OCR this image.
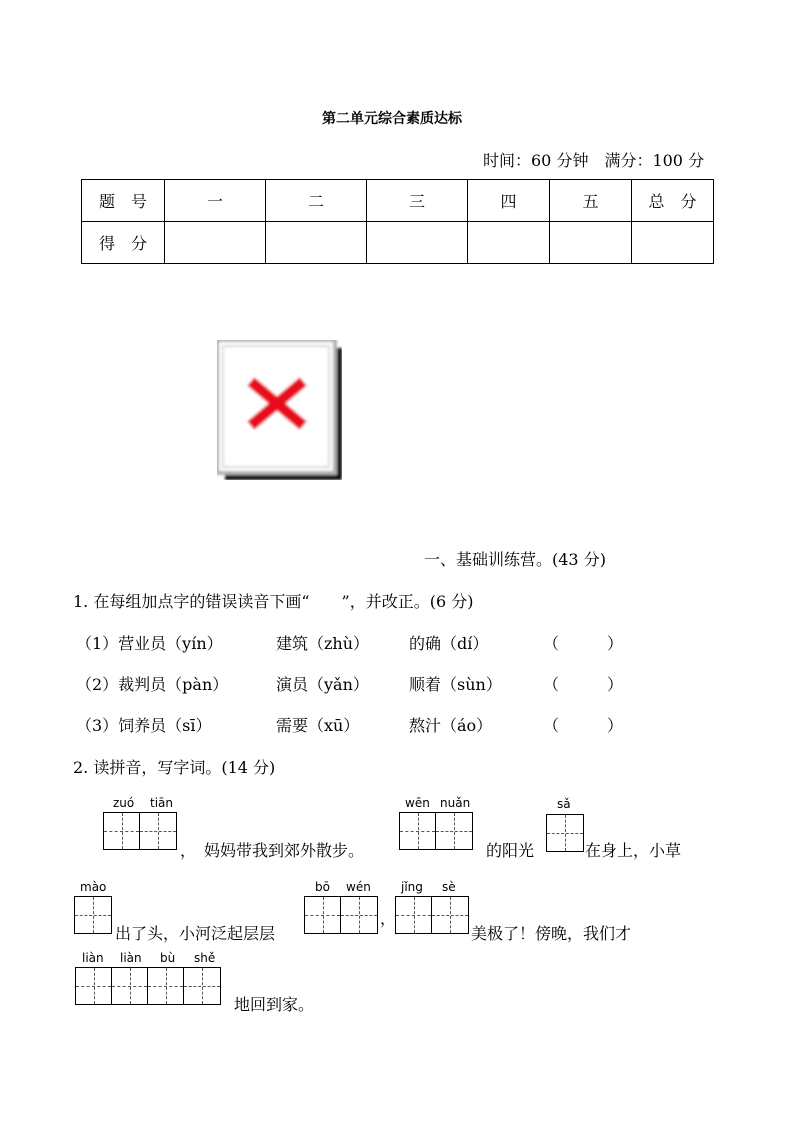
第二单元综合素质达标
时间：60 分钟　满分：100 分
题　号	一	二	三	四	五	总　分
得　分						
一、基础训练营。(43 分)
1. 在每组加点字的错误读音下画“　　”，并改正。(6 分)
（1）营业员（yín）	建筑（zhù） 的确（dí）	（　　　）
（2）裁判员（pàn）	演员（yǎn）	顺着（sùn）	（　　　）
（3）饲养员（sī）	需要（xū）	熬汁（áo）	（　　　）
2. 读拼音，写字词。(14 分)
zuó tiān
，　妈妈带我到郊外散步。
wēn nuǎn
的阳光
sǎ
在身上，小草
mào
出了头，小河泛起层层
bō wén
，
jǐng sè
美极了！傍晚，我们才
liàn liàn bù shě
地回到家。
